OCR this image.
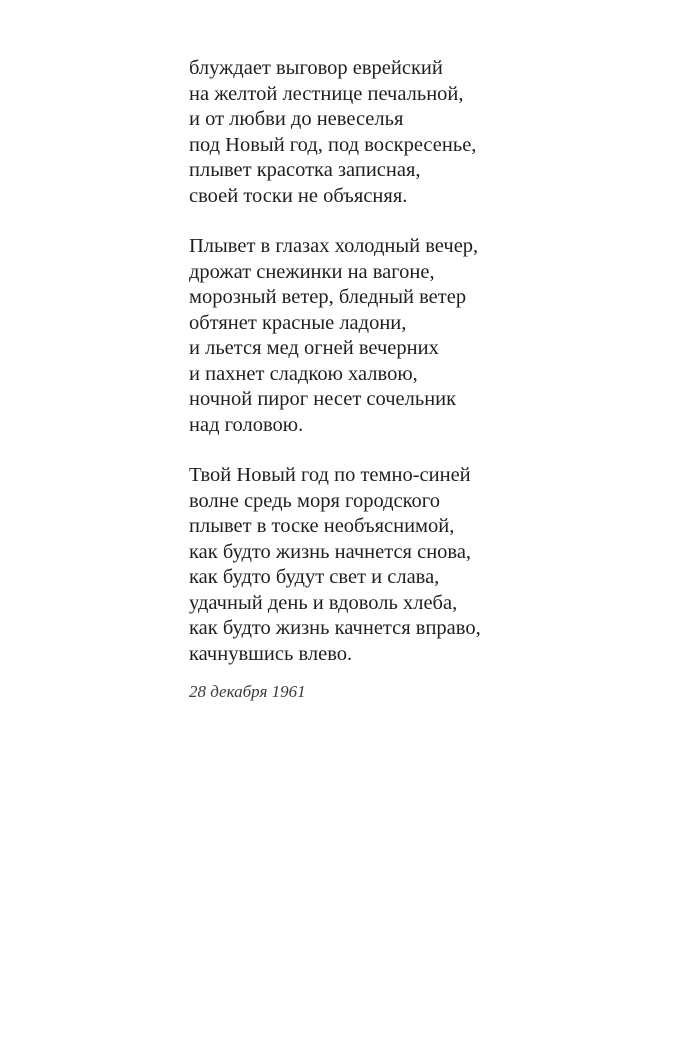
блуждает выговор еврейский
на желтой лестнице печальной,
и от любви до невеселья
под Новый год, под воскресенье,
плывет красотка записная,
своей тоски не объясняя.
Плывет в глазах холодный вечер,
дрожат снежинки на вагоне,
морозный ветер, бледный ветер
обтянет красные ладони,
и льется мед огней вечерних
и пахнет сладкою халвою,
ночной пирог несет сочельник
над головою.
Твой Новый год по темно-синей
волне средь моря городского
плывет в тоске необъяснимой,
как будто жизнь начнется снова,
как будто будут свет и слава,
удачный день и вдоволь хлеба,
как будто жизнь качнется вправо,
качнувшись влево.
28 декабря 1961
